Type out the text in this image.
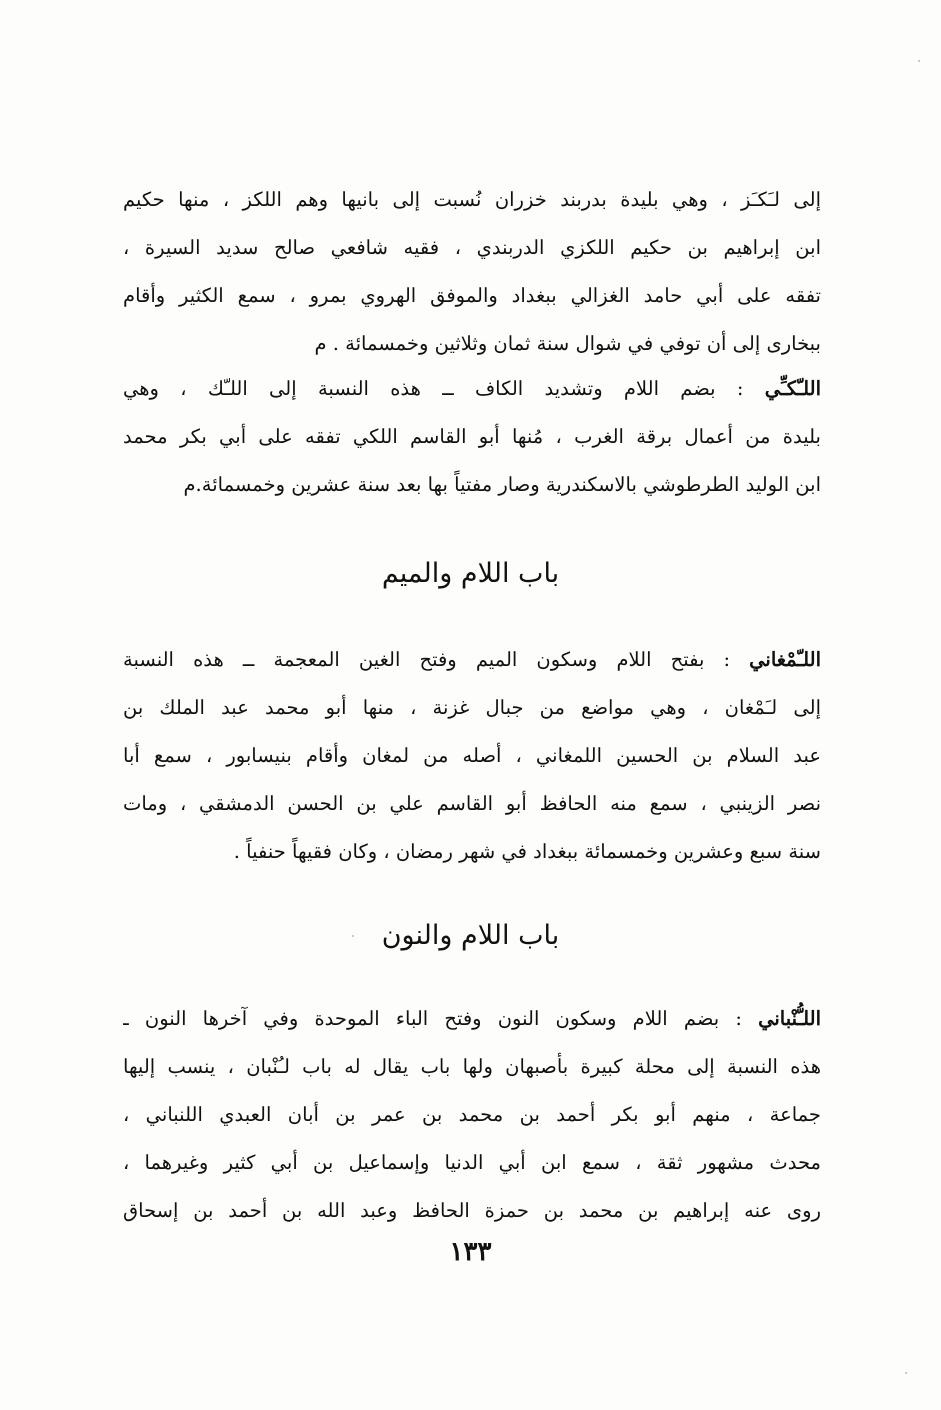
إلى لـَكـَز ، وهي بليدة بدربند خزران نُسبت إلى بانيها وهم اللكز ، منها حكيم
ابن إبراهيم بن حكيم اللكزي الدربندي ، فقيه شافعي صالح سديد السيرة ،
تفقه على أبي حامد الغزالي ببغداد والموفق الهروي بمرو ، سمع الكثير وأقام
ببخارى إلى أن توفي في شوال سنة ثمان وثلاثين وخمسمائة . م
اللـّكـِّي : بضم اللام وتشديد الكاف ــ هذه النسبة إلى اللـّك ، وهي
بليدة من أعمال برقة الغرب ، مُنها أبو القاسم اللكي تفقه على أبي بكر محمد
ابن الوليد الطرطوشي بالاسكندرية وصار مفتياً بها بعد سنة عشرين وخمسمائة.م
باب اللام والميم
اللـّمْغاني : بفتح اللام وسكون الميم وفتح الغين المعجمة ــ هذه النسبة
إلى لـَمْغان ، وهي مواضع من جبال غزنة ، منها أبو محمد عبد الملك بن
عبد السلام بن الحسين اللمغاني ، أصله من لمغان وأقام بنيسابور ، سمع أبا
نصر الزينبي ، سمع منه الحافظ أبو القاسم علي بن الحسن الدمشقي ، ومات
سنة سبع وعشرين وخمسمائة ببغداد في شهر رمضان ، وكان فقيهاً حنفياً .
باب اللام والنون
اللـُّنْباني : بضم اللام وسكون النون وفتح الباء الموحدة وفي آخرها النون ـ
هذه النسبة إلى محلة كبيرة بأصبهان ولها باب يقال له باب لـُنْبان ، ينسب إليها
جماعة ، منهم أبو بكر أحمد بن محمد بن عمر بن أبان العبدي اللنباني ،
محدث مشهور ثقة ، سمع ابن أبي الدنيا وإسماعيل بن أبي كثير وغيرهما ،
روى عنه إبراهيم بن محمد بن حمزة الحافظ وعبد الله بن أحمد بن إسحاق
١٣٣
